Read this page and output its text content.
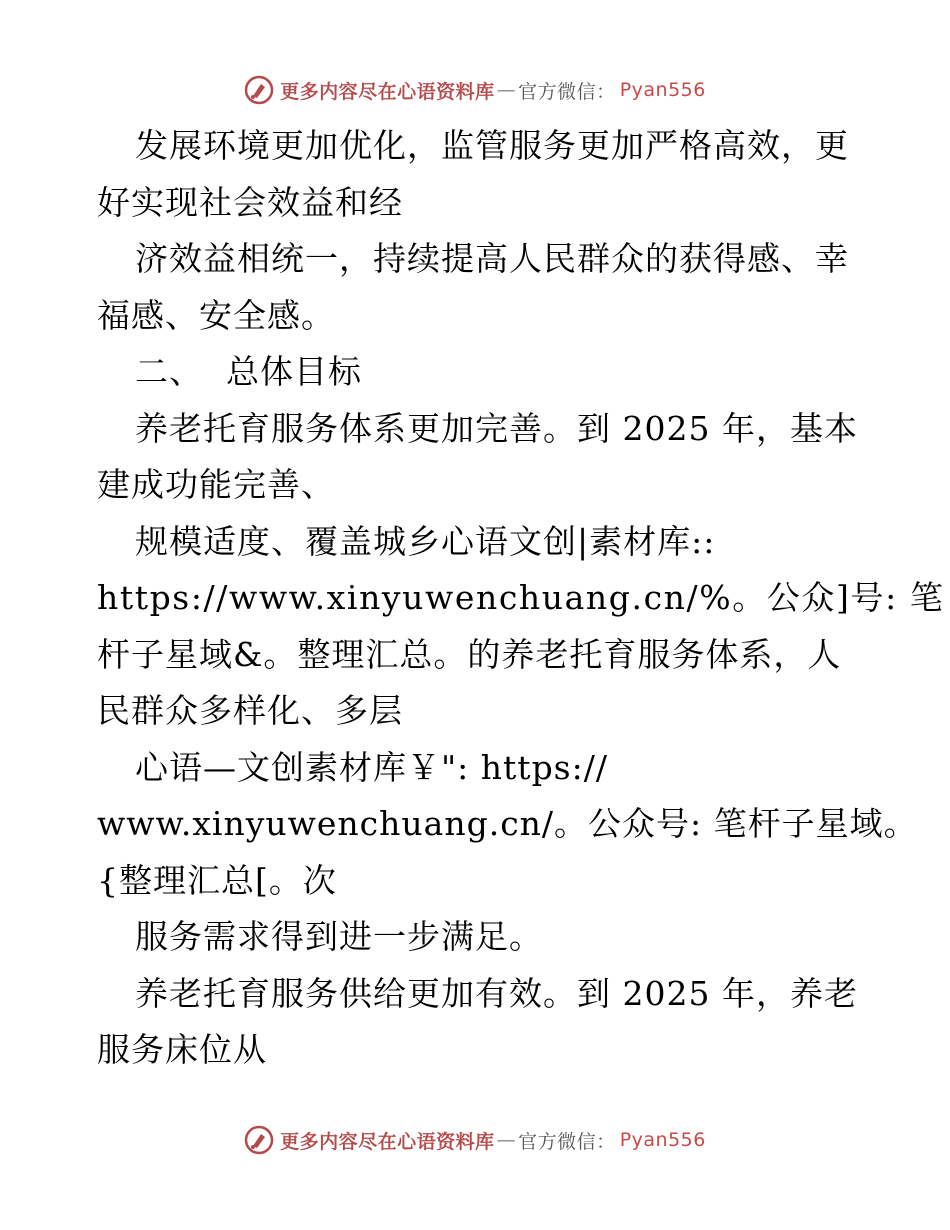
更多内容尽在心语资料库 — 官方微信： Pyan556
发展环境更加优化，监管服务更加严格高效，更
好实现社会效益和经
济效益相统一，持续提高人民群众的获得感、幸
福感、安全感。
二、  总体目标
养老托育服务体系更加完善。到 2025 年，基本
建成功能完善、
规模适度、覆盖城乡心语文创|素材库::
https://www.xinyuwenchuang.cn/%。公众]号: 笔
杆子星域&。整理汇总。的养老托育服务体系，人
民群众多样化、多层
心语—文创素材库￥": https://
www.xinyuwenchuang.cn/。公众号: 笔杆子星域。
{整理汇总[。次
服务需求得到进一步满足。
养老托育服务供给更加有效。到 2025 年，养老
服务床位从
更多内容尽在心语资料库 — 官方微信： Pyan556
